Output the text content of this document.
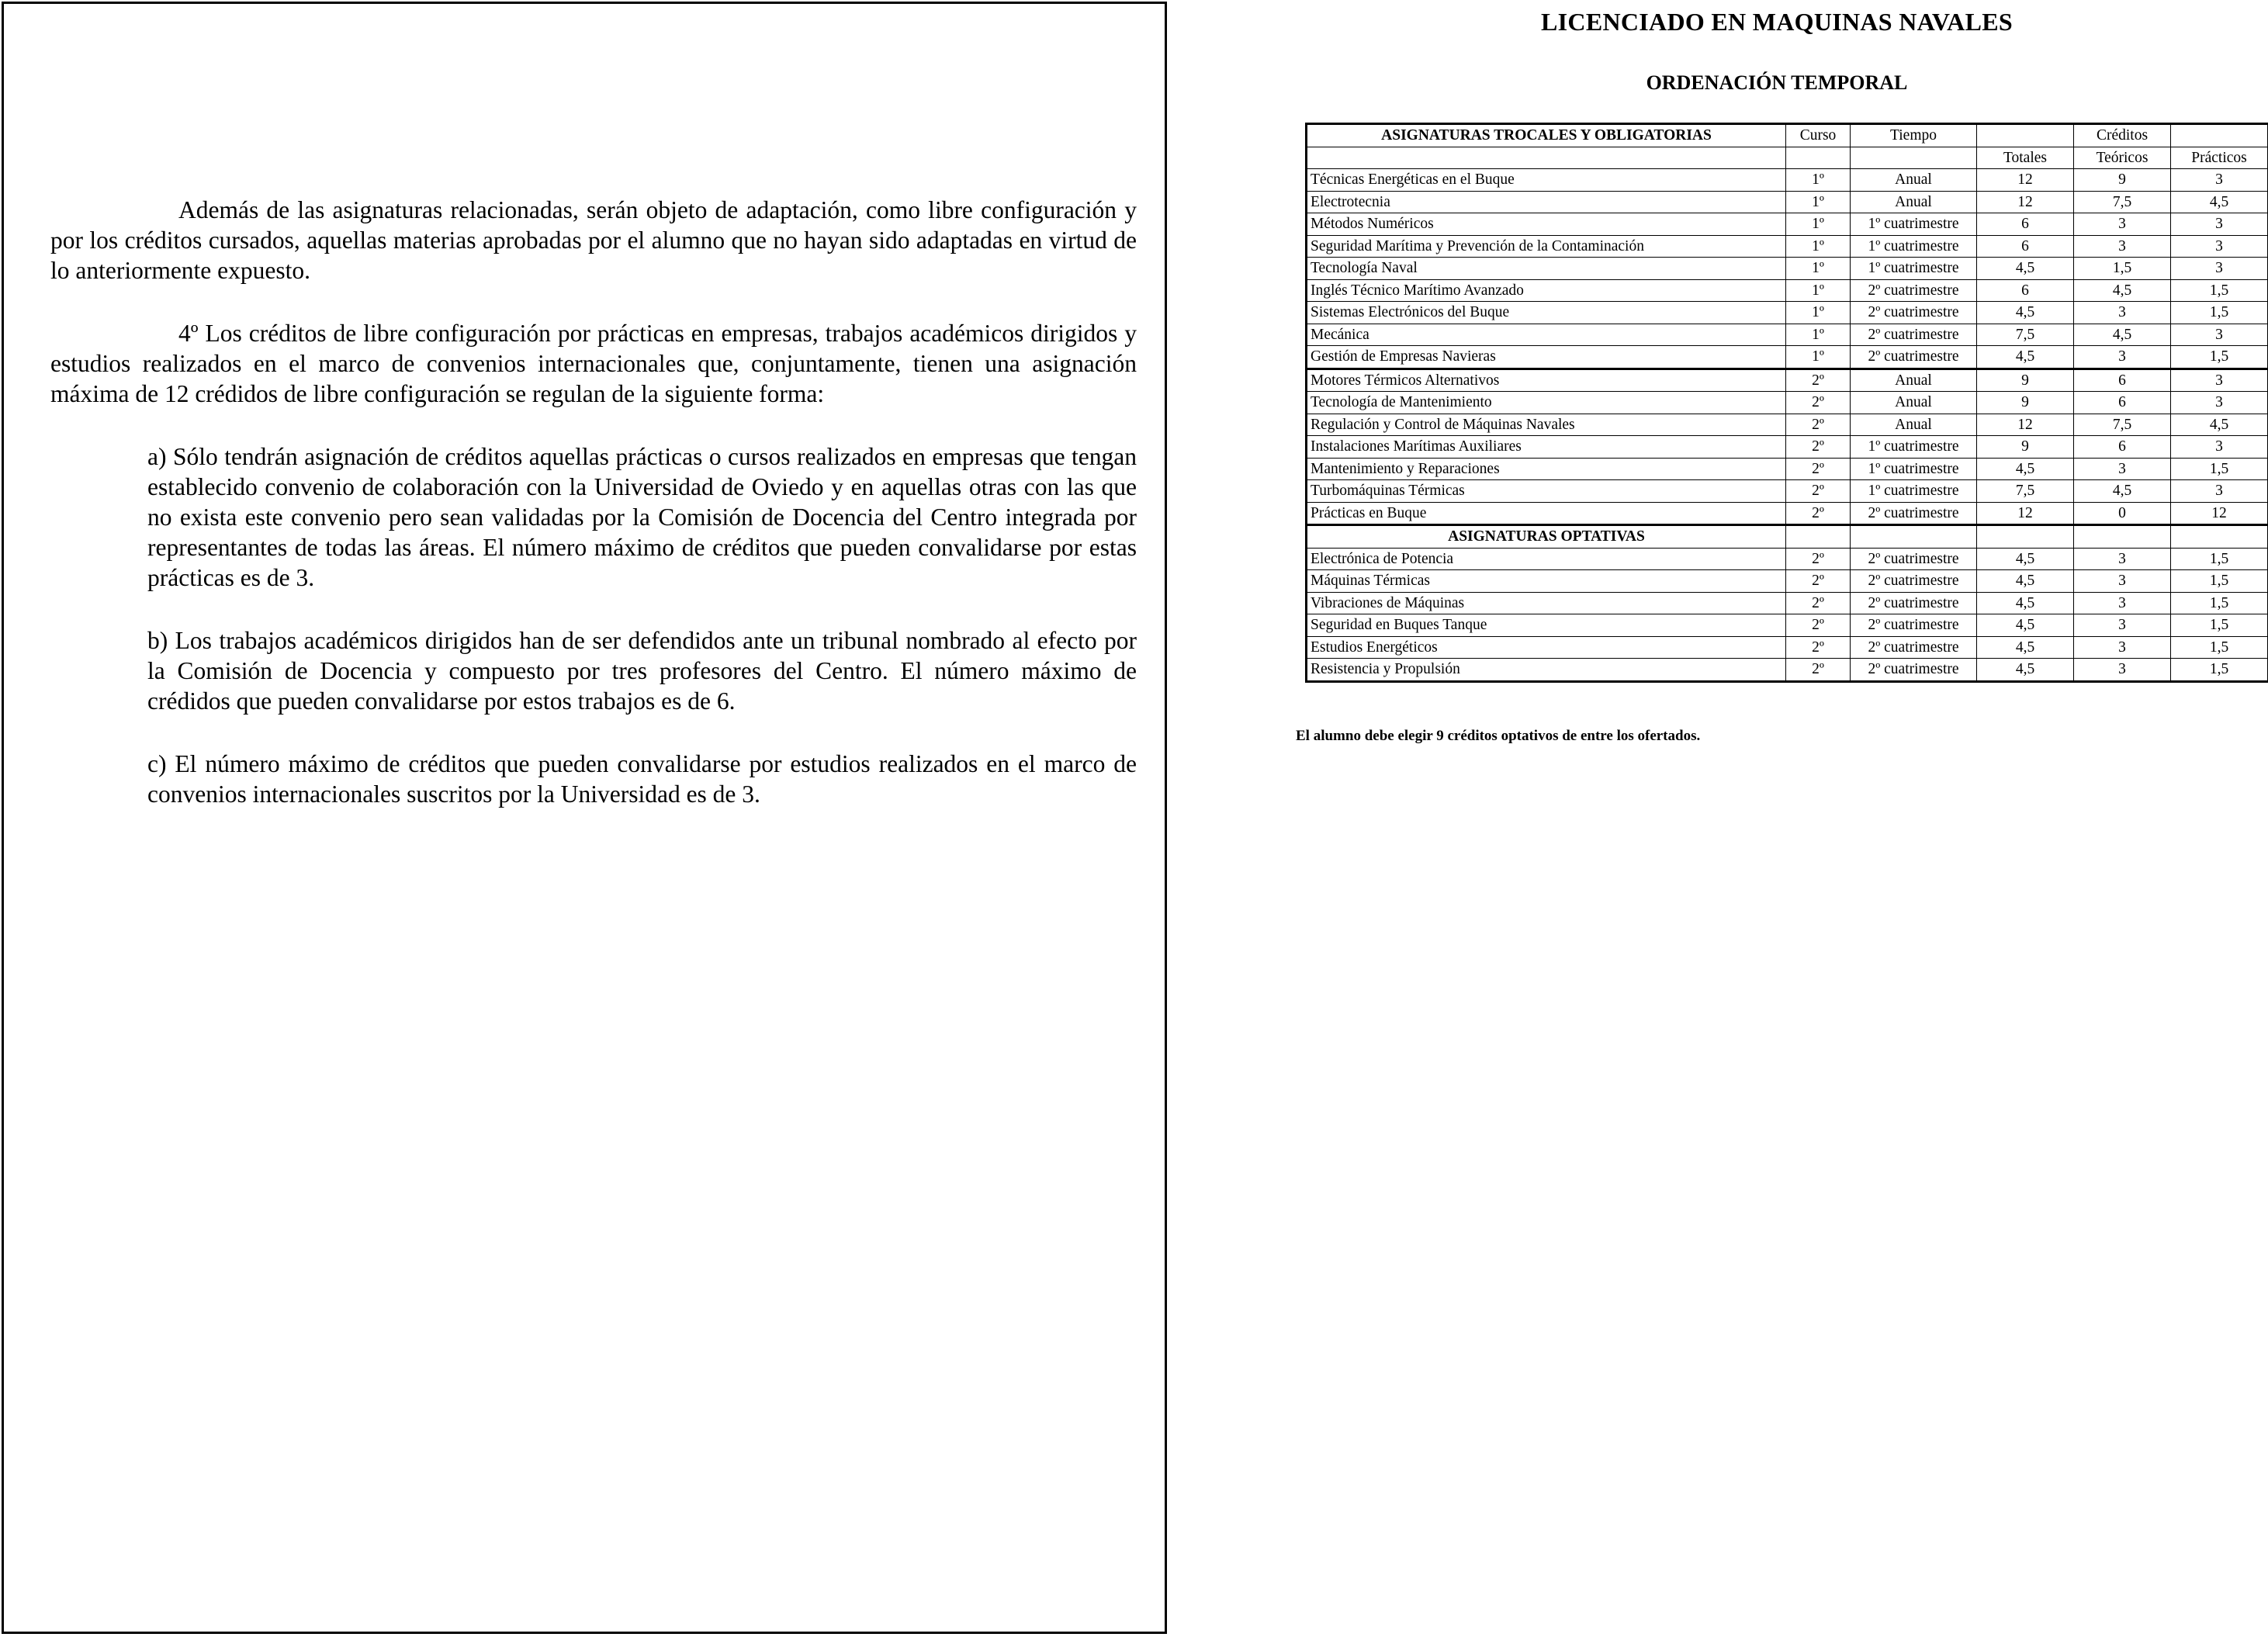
Además de las asignaturas relacionadas, serán objeto de adaptación, como libre configuración y por los créditos cursados, aquellas materias aprobadas por el alumno que no hayan sido adaptadas en virtud de lo anteriormente expuesto.

4º Los créditos de libre configuración por prácticas en empresas, trabajos académicos dirigidos y estudios realizados en el marco de convenios internacionales que, conjuntamente, tienen una asignación máxima de 12 crédidos de libre configuración se regulan de la siguiente forma:

a) Sólo tendrán asignación de créditos aquellas prácticas o cursos realizados en empresas que tengan establecido convenio de colaboración con la Universidad de Oviedo y en aquellas otras con las que no exista este convenio pero sean validadas por la Comisión de Docencia del Centro integrada por representantes de todas las áreas. El número máximo de créditos que pueden convalidarse por estas prácticas es de 3.

b) Los trabajos académicos dirigidos han de ser defendidos ante un tribunal nombrado al efecto por la Comisión de Docencia y compuesto por tres profesores del Centro. El número máximo de crédidos que pueden convalidarse por estos trabajos es de 6.

c) El número máximo de créditos que pueden convalidarse por estudios realizados en el marco de convenios internacionales suscritos por la Universidad es de 3.

LICENCIADO EN MAQUINAS NAVALES
ORDENACIÓN TEMPORAL
ASIGNATURAS TROCALES Y OBLIGATORIAS	Curso	Tiempo		Créditos	
			Totales	Teóricos	Prácticos
Técnicas Energéticas en el Buque	1º	Anual	12	9	3
Electrotecnia	1º	Anual	12	7,5	4,5
Métodos Numéricos	1º	1º cuatrimestre	6	3	3
Seguridad Marítima y Prevención de la Contaminación	1º	1º cuatrimestre	6	3	3
Tecnología Naval	1º	1º cuatrimestre	4,5	1,5	3
Inglés Técnico Marítimo Avanzado	1º	2º cuatrimestre	6	4,5	1,5
Sistemas Electrónicos del Buque	1º	2º cuatrimestre	4,5	3	1,5
Mecánica	1º	2º cuatrimestre	7,5	4,5	3
Gestión de Empresas Navieras	1º	2º cuatrimestre	4,5	3	1,5
Motores Térmicos Alternativos	2º	Anual	9	6	3
Tecnología de Mantenimiento	2º	Anual	9	6	3
Regulación y Control de Máquinas Navales	2º	Anual	12	7,5	4,5
Instalaciones Marítimas Auxiliares	2º	1º cuatrimestre	9	6	3
Mantenimiento y Reparaciones	2º	1º cuatrimestre	4,5	3	1,5
Turbomáquinas Térmicas	2º	1º cuatrimestre	7,5	4,5	3
Prácticas en Buque	2º	2º cuatrimestre	12	0	12
ASIGNATURAS OPTATIVAS					
Electrónica de Potencia	2º	2º cuatrimestre	4,5	3	1,5
Máquinas Térmicas	2º	2º cuatrimestre	4,5	3	1,5
Vibraciones de Máquinas	2º	2º cuatrimestre	4,5	3	1,5
Seguridad en Buques Tanque	2º	2º cuatrimestre	4,5	3	1,5
Estudios Energéticos	2º	2º cuatrimestre	4,5	3	1,5
Resistencia y Propulsión	2º	2º cuatrimestre	4,5	3	1,5
El alumno debe elegir 9 créditos optativos de entre los ofertados.
